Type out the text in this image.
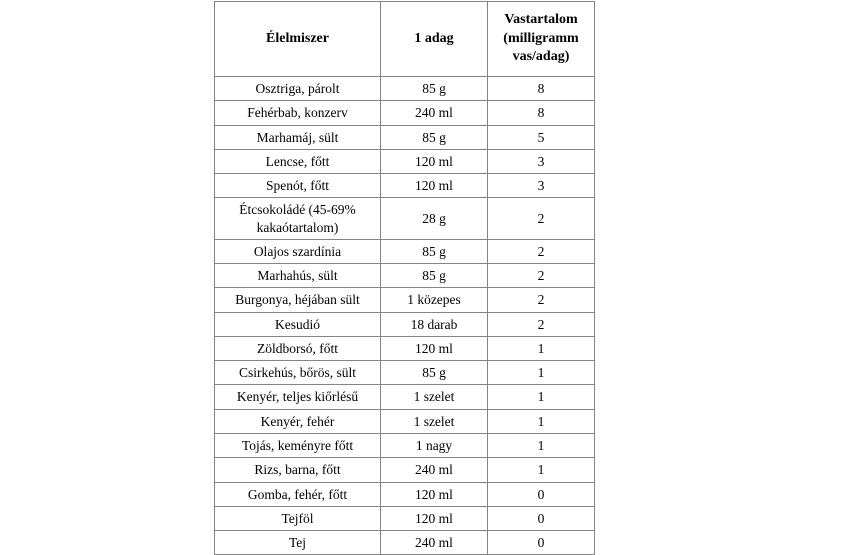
Élelmiszer	1 adag	Vastartalom
(milligramm
vas/adag)

Osztriga, párolt	85 g	8
Fehérbab, konzerv	240 ml	8
Marhamáj, sült	85 g	5
Lencse, főtt	120 ml	3
Spenót, főtt	120 ml	3

Étcsokoládé (45-69%
kakaótartalom)	28 g	2
Olajos szardínia	85 g	2
Marhahús, sült	85 g	2
Burgonya, héjában sült	1 közepes	2
Kesudió	18 darab	2
Zöldborsó, főtt	120 ml	1
Csirkehús, bőrös, sült	85 g	1
Kenyér, teljes kiőrlésű	1 szelet	1
Kenyér, fehér	1 szelet	1
Tojás, keményre főtt	1 nagy	1
Rizs, barna, főtt	240 ml	1
Gomba, fehér, főtt	120 ml	0
Tejföl	120 ml	0
Tej	240 ml	0
